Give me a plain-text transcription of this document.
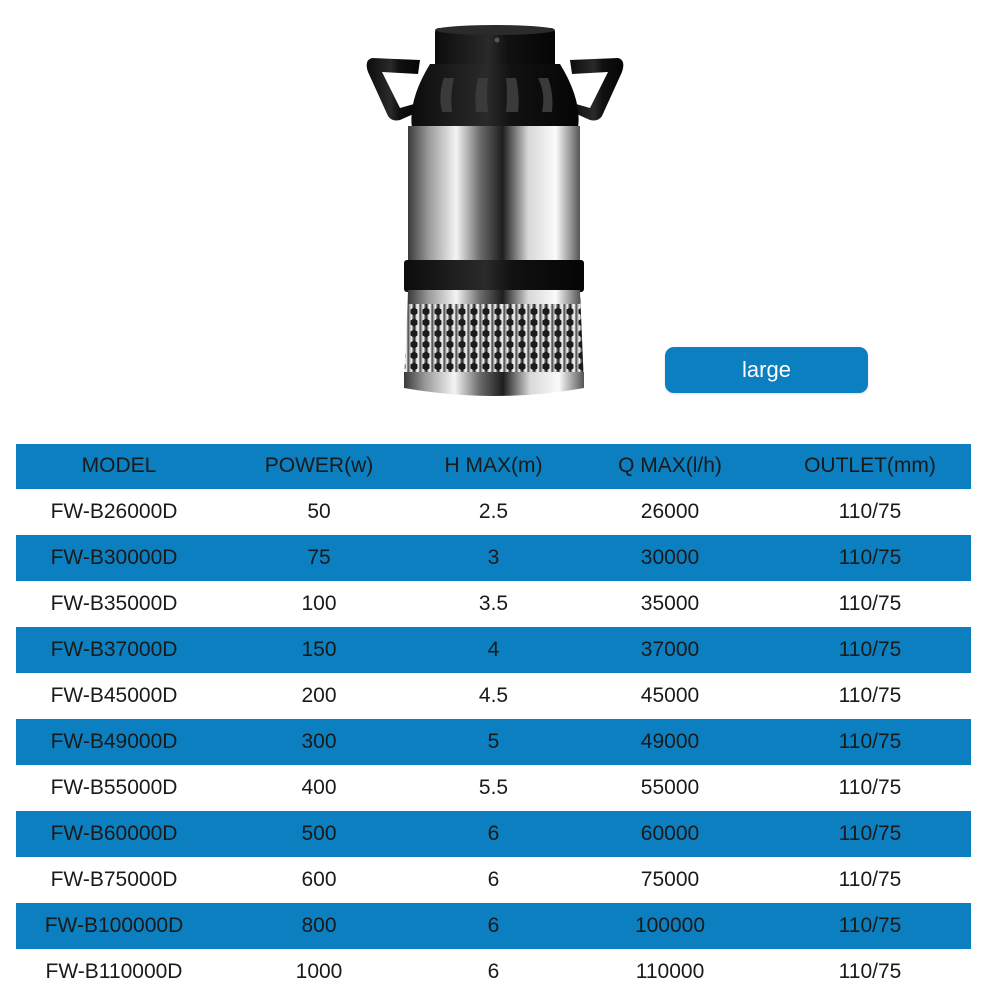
large
MODEL	POWER(w)	H MAX(m)	Q MAX(l/h)	OUTLET(mm)
FW-B26000D	50	2.5	26000	110/75
FW-B30000D	75	3	30000	110/75
FW-B35000D	100	3.5	35000	110/75
FW-B37000D	150	4	37000	110/75
FW-B45000D	200	4.5	45000	110/75
FW-B49000D	300	5	49000	110/75
FW-B55000D	400	5.5	55000	110/75
FW-B60000D	500	6	60000	110/75
FW-B75000D	600	6	75000	110/75
FW-B100000D	800	6	100000	110/75
FW-B110000D	1000	6	110000	110/75
